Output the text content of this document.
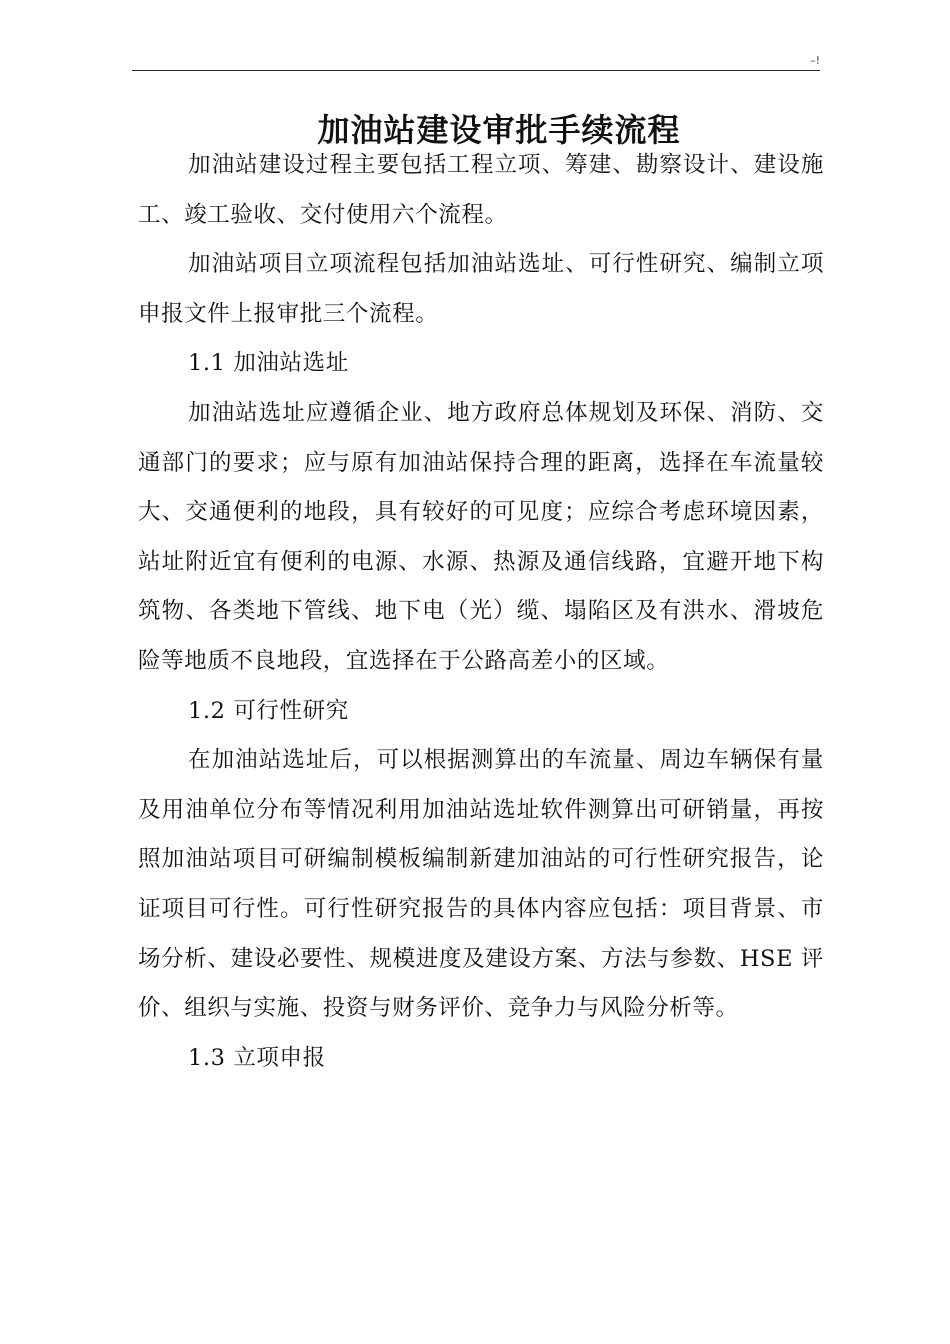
–!
加油站建设审批手续流程

加油站建设过程主要包括工程立项、筹建、勘察设计、建设施工、竣工验收、交付使用六个流程。

加油站项目立项流程包括加油站选址、可行性研究、编制立项申报文件上报审批三个流程。

1.1 加油站选址

加油站选址应遵循企业、地方政府总体规划及环保、消防、交通部门的要求；应与原有加油站保持合理的距离，选择在车流量较大、交通便利的地段，具有较好的可见度；应综合考虑环境因素，站址附近宜有便利的电源、水源、热源及通信线路，宜避开地下构筑物、各类地下管线、地下电（光）缆、塌陷区及有洪水、滑坡危险等地质不良地段，宜选择在于公路高差小的区域。

1.2 可行性研究

在加油站选址后，可以根据测算出的车流量、周边车辆保有量及用油单位分布等情况利用加油站选址软件测算出可研销量，再按照加油站项目可研编制模板编制新建加油站的可行性研究报告，论证项目可行性。可行性研究报告的具体内容应包括：项目背景、市场分析、建设必要性、规模进度及建设方案、方法与参数、HSE 评价、组织与实施、投资与财务评价、竞争力与风险分析等。

1.3 立项申报
